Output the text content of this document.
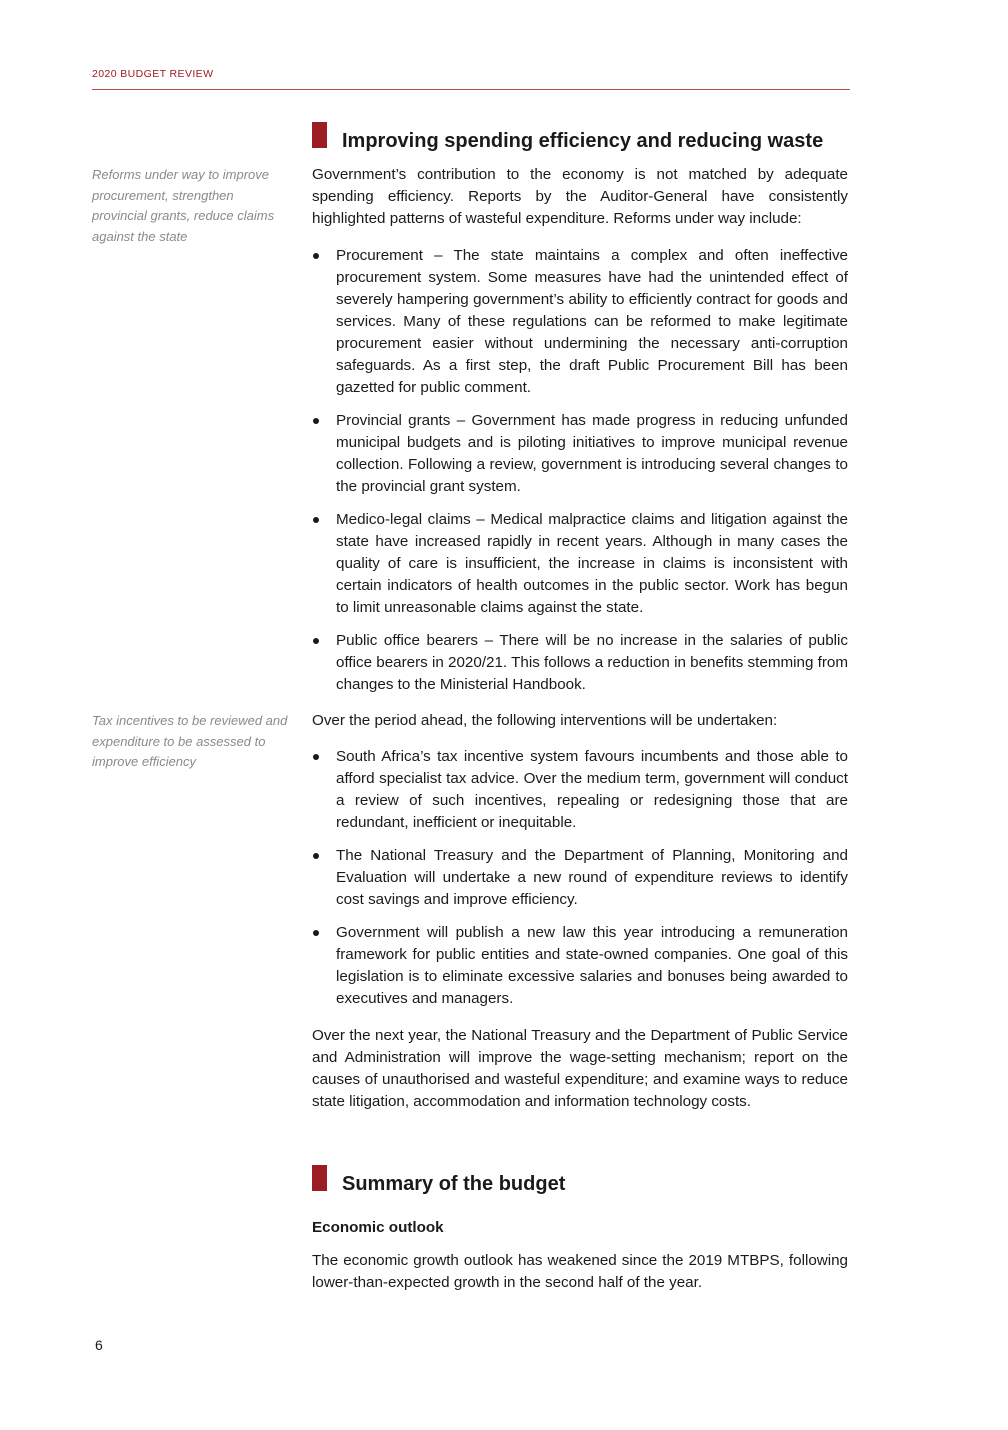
2020 BUDGET REVIEW
Reforms under way to improve procurement, strengthen provincial grants, reduce claims against the state
Tax incentives to be reviewed and expenditure to be assessed to improve efficiency
Improving spending efficiency and reducing waste

Government’s contribution to the economy is not matched by adequate spending efficiency. Reports by the Auditor-General have consistently highlighted patterns of wasteful expenditure. Reforms under way include:

Procurement – The state maintains a complex and often ineffective procurement system. Some measures have had the unintended effect of severely hampering government’s ability to efficiently contract for goods and services. Many of these regulations can be reformed to make legitimate procurement easier without undermining the necessary anti-corruption safeguards. As a first step, the draft Public Procurement Bill has been gazetted for public comment.
Provincial grants – Government has made progress in reducing unfunded municipal budgets and is piloting initiatives to improve municipal revenue collection. Following a review, government is introducing several changes to the provincial grant system.
Medico-legal claims – Medical malpractice claims and litigation against the state have increased rapidly in recent years. Although in many cases the quality of care is insufficient, the increase in claims is inconsistent with certain indicators of health outcomes in the public sector. Work has begun to limit unreasonable claims against the state.
Public office bearers – There will be no increase in the salaries of public office bearers in 2020/21. This follows a reduction in benefits stemming from changes to the Ministerial Handbook.

Over the period ahead, the following interventions will be undertaken:

South Africa’s tax incentive system favours incumbents and those able to afford specialist tax advice. Over the medium term, government will conduct a review of such incentives, repealing or redesigning those that are redundant, inefficient or inequitable.
The National Treasury and the Department of Planning, Monitoring and Evaluation will undertake a new round of expenditure reviews to identify cost savings and improve efficiency.
Government will publish a new law this year introducing a remuneration framework for public entities and state-owned companies. One goal of this legislation is to eliminate excessive salaries and bonuses being awarded to executives and managers.

Over the next year, the National Treasury and the Department of Public Service and Administration will improve the wage-setting mechanism; report on the causes of unauthorised and wasteful expenditure; and examine ways to reduce state litigation, accommodation and information technology costs.

Summary of the budget
Economic outlook

The economic growth outlook has weakened since the 2019 MTBPS, following lower-than-expected growth in the second half of the year.

6
